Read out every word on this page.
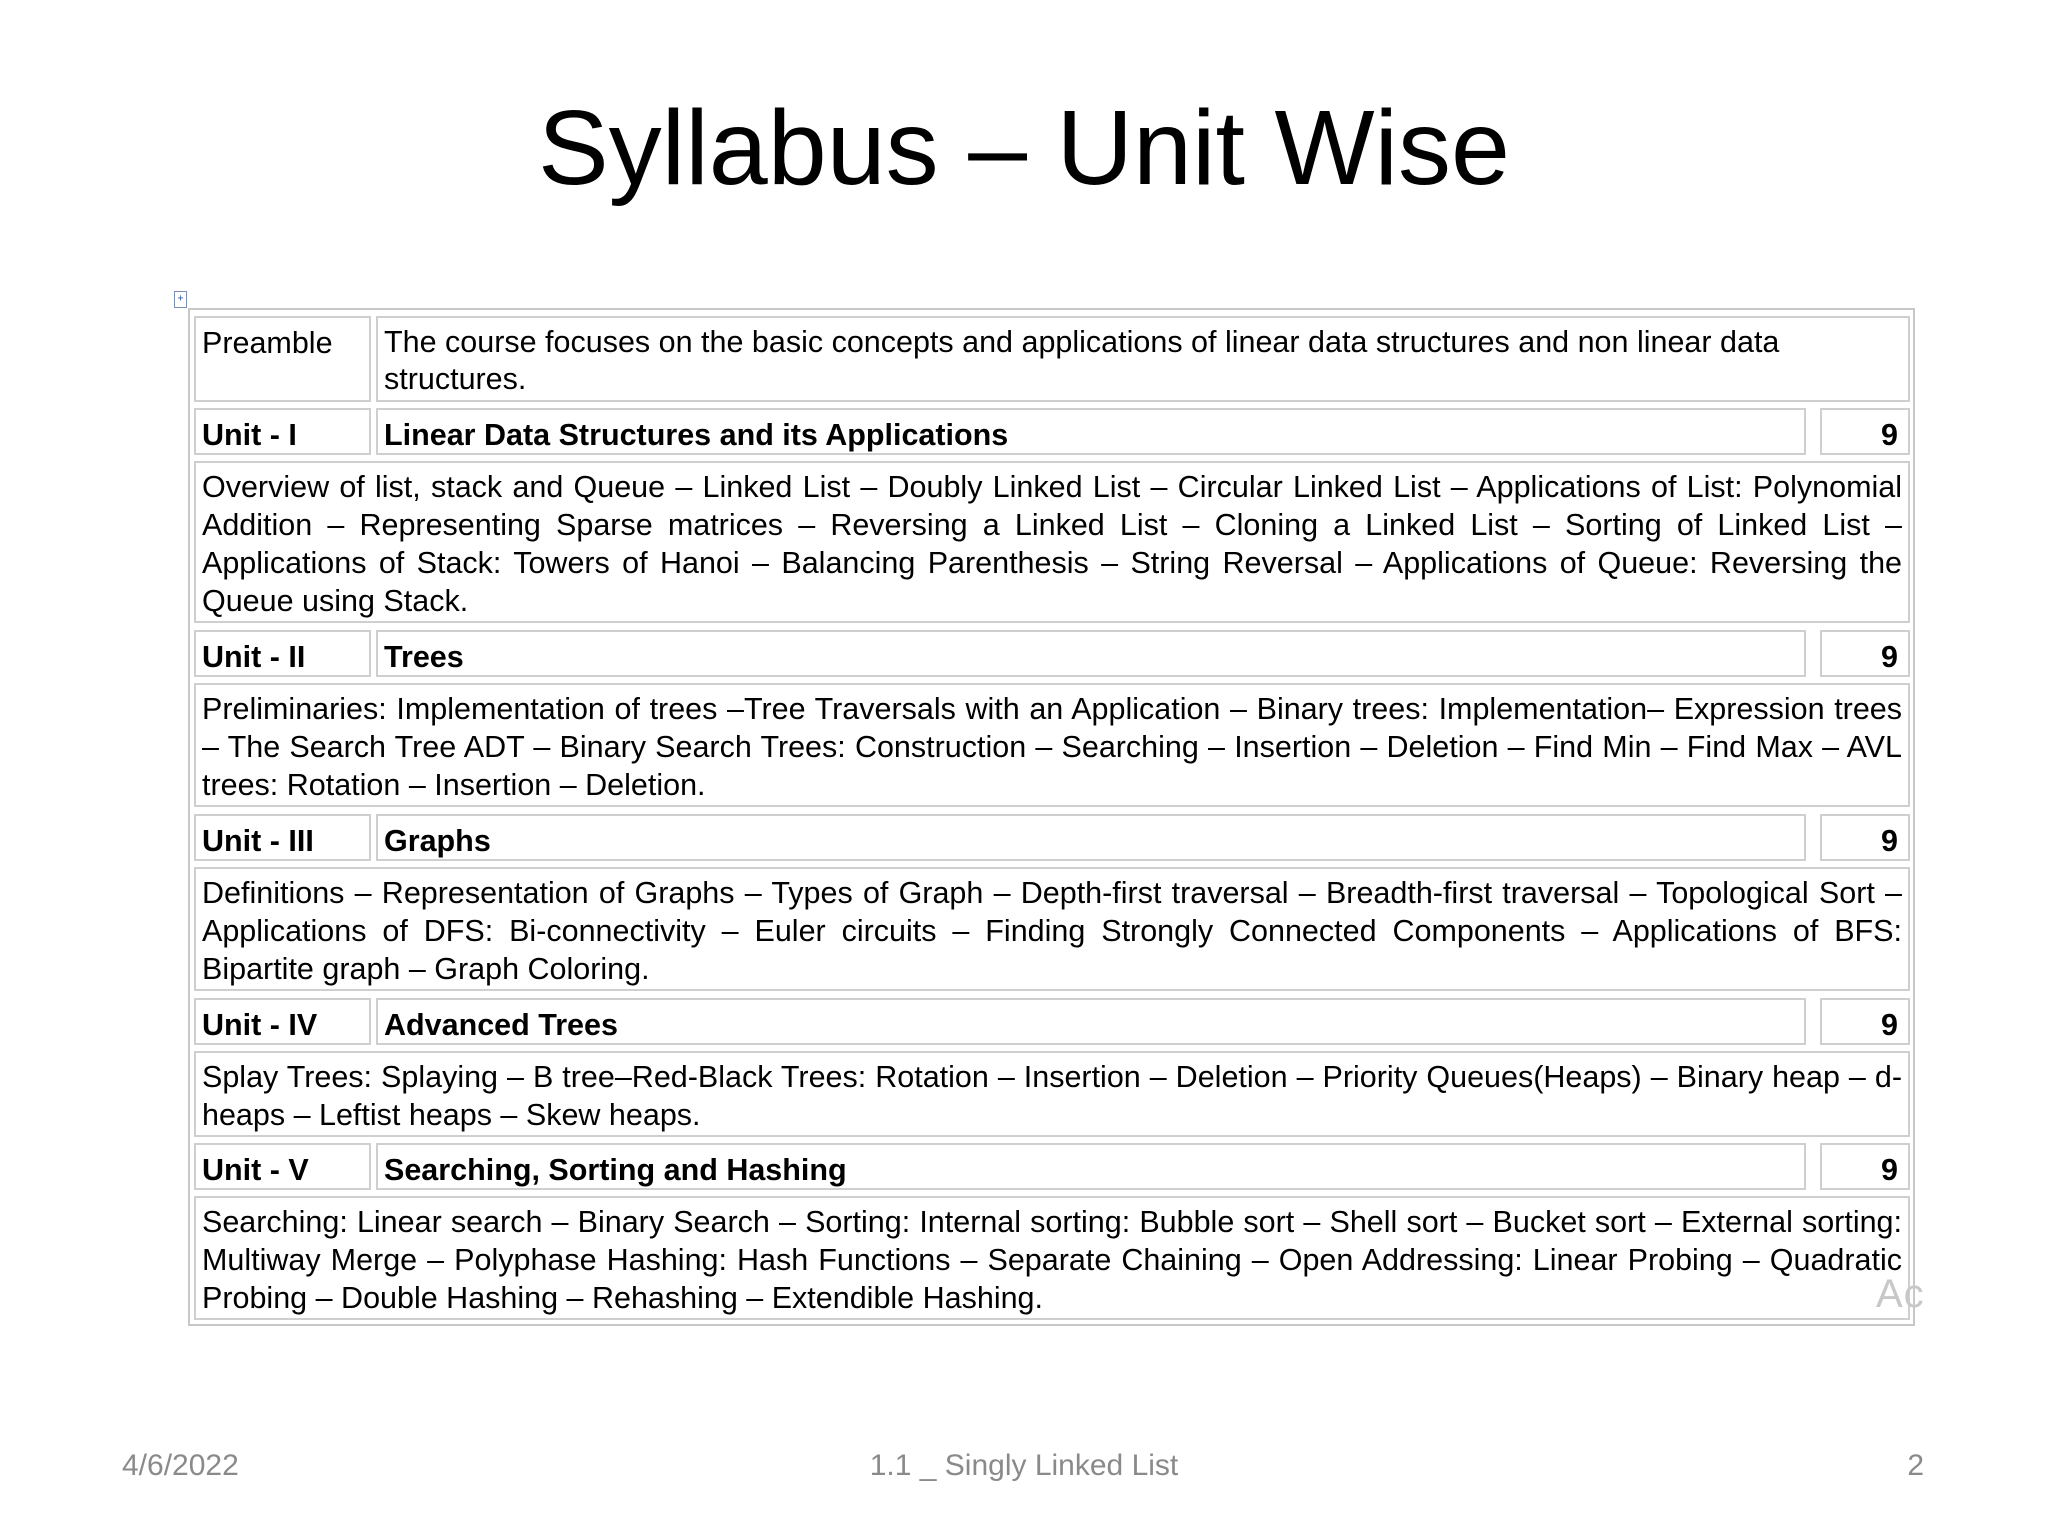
Syllabus – Unit Wise
+
Preamble	The course focuses on the basic concepts and applications of linear data structures and non linear data structures.
Unit - I	Linear Data Structures and its Applications	9
Overview of list, stack and Queue – Linked List – Doubly Linked List – Circular Linked List – Applications of List: Polynomial Addition – Representing Sparse matrices – Reversing a Linked List – Cloning a Linked List – Sorting of Linked List – Applications of Stack: Towers of Hanoi – Balancing Parenthesis – String Reversal – Applications of Queue: Reversing the Queue using Stack.
Unit - II	Trees	9
Preliminaries: Implementation of trees –Tree Traversals with an Application – Binary trees: Implementation– Expression trees – The Search Tree ADT – Binary Search Trees: Construction – Searching – Insertion – Deletion – Find Min – Find Max – AVL trees: Rotation – Insertion – Deletion.
Unit - III	Graphs	9
Definitions – Representation of Graphs – Types of Graph – Depth-first traversal – Breadth-first traversal – Topological Sort – Applications of DFS: Bi-connectivity – Euler circuits – Finding Strongly Connected Components – Applications of BFS: Bipartite graph – Graph Coloring.
Unit - IV	Advanced Trees	9
Splay Trees: Splaying – B tree–Red-Black Trees: Rotation – Insertion – Deletion – Priority Queues(Heaps) – Binary heap – d-heaps – Leftist heaps – Skew heaps.
Unit - V	Searching, Sorting and Hashing	9
Searching: Linear search – Binary Search – Sorting: Internal sorting: Bubble sort – Shell sort – Bucket sort – External sorting: Multiway Merge – Polyphase Hashing: Hash Functions – Separate Chaining – Open Addressing: Linear Probing – Quadratic Probing – Double Hashing – Rehashing – Extendible Hashing.	Ac
4/6/2022	1.1 _ Singly Linked List	2
